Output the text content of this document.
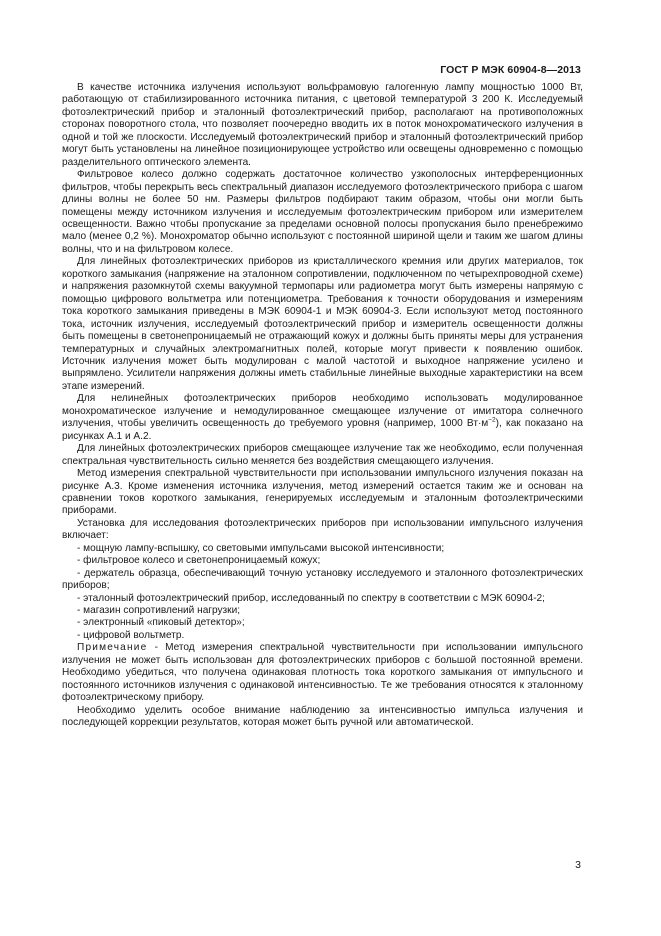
ГОСТ Р МЭК 60904-8—2013

В качестве источника излучения используют вольфрамовую галогенную лампу мощностью 1000 Вт, работающую от стабилизированного источника питания, с цветовой температурой 3 200 К. Исследуемый фотоэлектрический прибор и эталонный фотоэлектрический прибор, располагают на противоположных сторонах поворотного стола, что позволяет поочередно вводить их в поток монохроматического излучения в одной и той же плоскости. Исследуемый фотоэлектрический прибор и эталонный фотоэлектрический прибор могут быть установлены на линейное позиционирующее устройство или освещены одновременно с помощью разделительного оптического элемента.

Фильтровое колесо должно содержать достаточное количество узкополосных интерференционных фильтров, чтобы перекрыть весь спектральный диапазон исследуемого фотоэлектрического прибора с шагом длины волны не более 50 нм. Размеры фильтров подбирают таким образом, чтобы они могли быть помещены между источником излучения и исследуемым фотоэлектрическим прибором или измерителем освещенности. Важно чтобы пропускание за пределами основной полосы пропускания было пренебрежимо мало (менее 0,2 %). Монохроматор обычно используют с постоянной шириной щели и таким же шагом длины волны, что и на фильтровом колесе.

Для линейных фотоэлектрических приборов из кристаллического кремния или других материалов, ток короткого замыкания (напряжение на эталонном сопротивлении, подключенном по четырехпроводной схеме) и напряжения разомкнутой схемы вакуумной термопары или радиометра могут быть измерены напрямую с помощью цифрового вольтметра или потенциометра. Требования к точности оборудования и измерениям тока короткого замыкания приведены в МЭК 60904-1 и МЭК 60904-3. Если используют метод постоянного тока, источник излучения, исследуемый фотоэлектрический прибор и измеритель освещенности должны быть помещены в светонепроницаемый не отражающий кожух и должны быть приняты меры для устранения температурных и случайных электромагнитных полей, которые могут привести к появлению ошибок. Источник излучения может быть модулирован с малой частотой и выходное напряжение усилено и выпрямлено. Усилители напряжения должны иметь стабильные линейные выходные характеристики на всем этапе измерений.

Для нелинейных фотоэлектрических приборов необходимо использовать модулированное монохроматическое излучение и немодулированное смещающее излучение от имитатора солнечного излучения, чтобы увеличить освещенность до требуемого уровня (например, 1000 $Вт\cdot м^{-2}$), как показано на рисунках А.1 и А.2.

Для линейных фотоэлектрических приборов смещающее излучение так же необходимо, если полученная спектральная чувствительность сильно меняется без воздействия смещающего излучения.

Метод измерения спектральной чувствительности при использовании импульсного излучения показан на рисунке А.3. Кроме изменения источника излучения, метод измерений остается таким же и основан на сравнении токов короткого замыкания, генерируемых исследуемым и эталонным фотоэлектрическими приборами.

Установка для исследования фотоэлектрических приборов при использовании импульсного излучения включает:

- мощную лампу-вспышку, со световыми импульсами высокой интенсивности;

- фильтровое колесо и светонепроницаемый кожух;

- держатель образца, обеспечивающий точную установку исследуемого и эталонного фотоэлектрических приборов;

- эталонный фотоэлектрический прибор, исследованный по спектру в соответствии с МЭК 60904-2;

- магазин сопротивлений нагрузки;

- электронный «пиковый детектор»;

- цифровой вольтметр.

Примечание - Метод измерения спектральной чувствительности при использовании импульсного излучения не может быть использован для фотоэлектрических приборов с большой постоянной времени. Необходимо убедиться, что получена одинаковая плотность тока короткого замыкания от импульсного и постоянного источников излучения с одинаковой интенсивностью. Те же требования относятся к эталонному фотоэлектрическому прибору.

Необходимо уделить особое внимание наблюдению за интенсивностью импульса излучения и последующей коррекции результатов, которая может быть ручной или автоматической.

3
